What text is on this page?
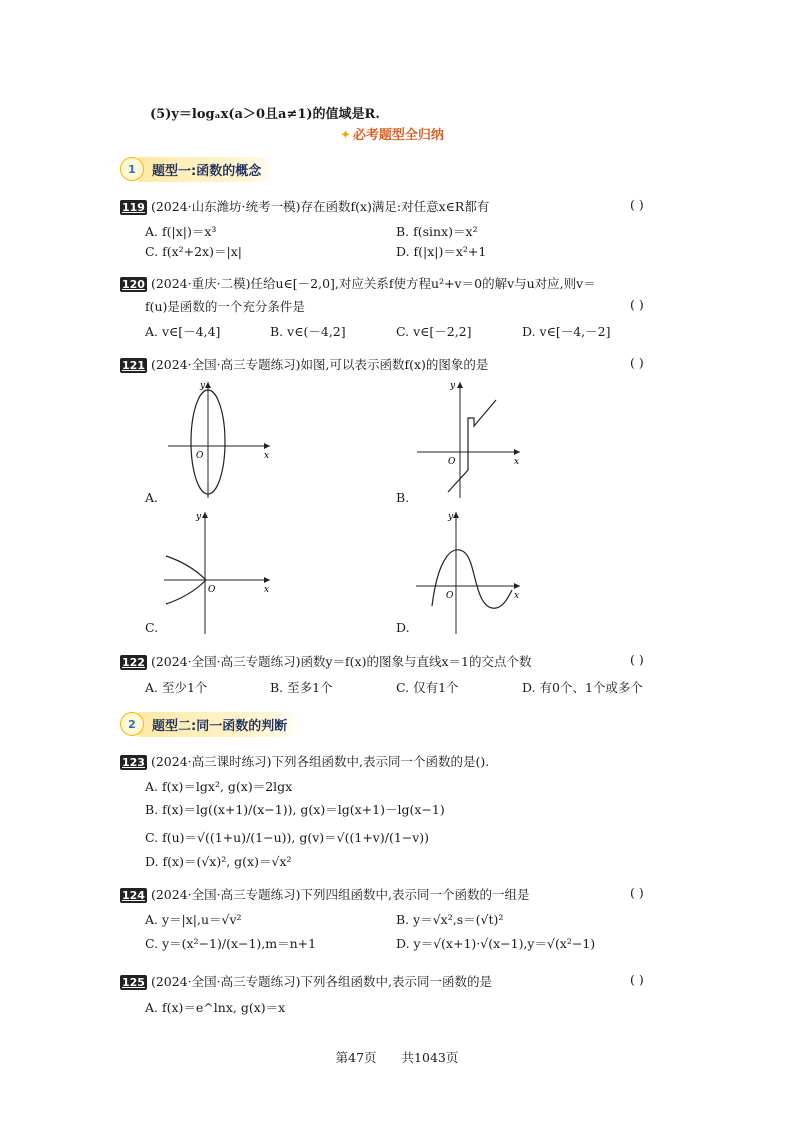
(5)y＝logₐx(a＞0且a≠1)的值域是R.
✦ 必考题型全归纳
1	题型一:函数的概念
119 (2024·山东潍坊·统考一模)存在函数f(x)满足:对任意x∈R都有	( )
A. f(|x|)＝x³	B. f(sinx)＝x²
C. f(x²+2x)＝|x|	D. f(|x|)＝x²+1
120 (2024·重庆·二模)任给u∈[－2,0],对应关系f使方程u²+v＝0的解v与u对应,则v＝
f(u)是函数的一个充分条件是	( )
A. v∈[－4,4]	B. v∈(－4,2]	C. v∈[－2,2]	D. v∈[－4,－2]
121 (2024·全国·高三专题练习)如图,可以表示函数f(x)的图象的是	( )
y
x
O
A.
y
x
O
B.
y
x
O
C.
y
x
O
D.
122 (2024·全国·高三专题练习)函数y＝f(x)的图象与直线x＝1的交点个数	( )
A. 至少1个	B. 至多1个	C. 仅有1个	D. 有0个、1个或多个
2	题型二:同一函数的判断
123 (2024·高三课时练习)下列各组函数中,表示同一个函数的是().
A. f(x)＝lgx², g(x)＝2lgx
B. f(x)＝lg((x+1)/(x−1)), g(x)＝lg(x+1)－lg(x−1)
C. f(u)＝√((1+u)/(1−u)), g(v)＝√((1+v)/(1−v))
D. f(x)＝(√x)², g(x)＝√x²
124 (2024·全国·高三专题练习)下列四组函数中,表示同一个函数的一组是	( )
A. y＝|x|,u＝√v²	B. y＝√x²,s＝(√t)²
C. y＝(x²−1)/(x−1),m＝n+1	D. y＝√(x+1)·√(x−1),y＝√(x²−1)
125 (2024·全国·高三专题练习)下列各组函数中,表示同一函数的是	( )
A. f(x)＝e^lnx, g(x)＝x
第47页　　共1043页
